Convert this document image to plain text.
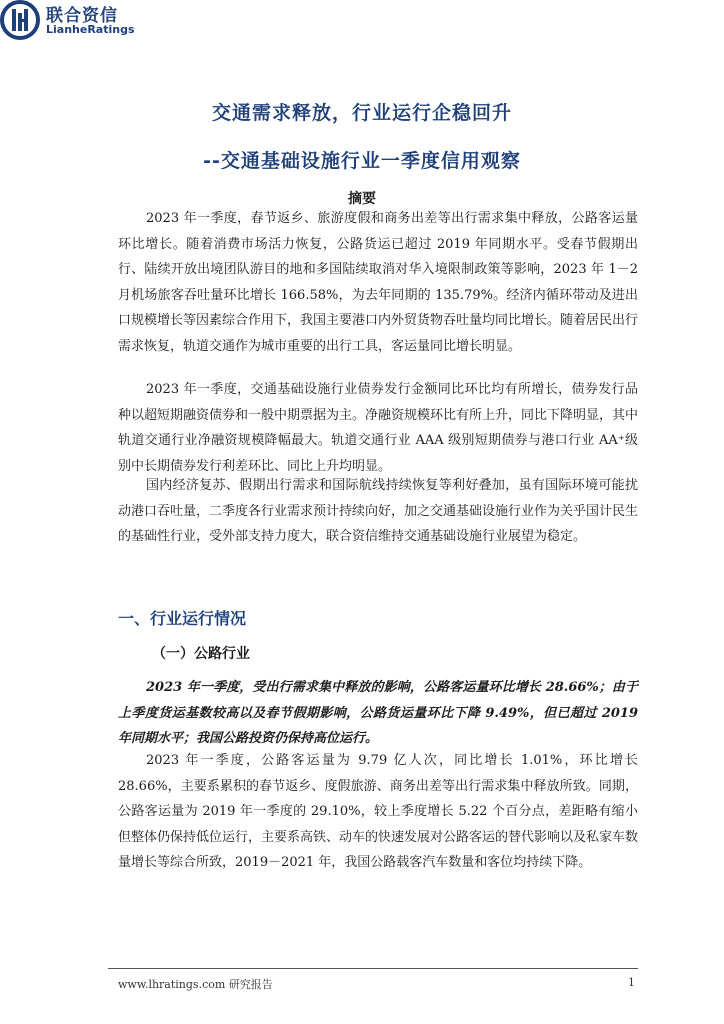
联合资信
LianheRatings
交通需求释放，行业运行企稳回升
--交通基础设施行业一季度信用观察
摘要

2023 年一季度，春节返乡、旅游度假和商务出差等出行需求集中释放，公路客运量环比增长。随着消费市场活力恢复，公路货运已超过 2019 年同期水平。受春节假期出行、陆续开放出境团队游目的地和多国陆续取消对华入境限制政策等影响，2023 年 1－2 月机场旅客吞吐量环比增长 166.58%，为去年同期的 135.79%。经济内循环带动及进出口规模增长等因素综合作用下，我国主要港口内外贸货物吞吐量均同比增长。随着居民出行需求恢复，轨道交通作为城市重要的出行工具，客运量同比增长明显。

2023 年一季度，交通基础设施行业债券发行金额同比环比均有所增长，债券发行品种以超短期融资债券和一般中期票据为主。净融资规模环比有所上升，同比下降明显，其中轨道交通行业净融资规模降幅最大。轨道交通行业 AAA 级别短期债券与港口行业 AA⁺级别中长期债券发行利差环比、同比上升均明显。

国内经济复苏、假期出行需求和国际航线持续恢复等利好叠加，虽有国际环境可能扰动港口吞吐量，二季度各行业需求预计持续向好，加之交通基础设施行业作为关乎国计民生的基础性行业，受外部支持力度大，联合资信维持交通基础设施行业展望为稳定。

一、行业运行情况
（一）公路行业

2023 年一季度，受出行需求集中释放的影响，公路客运量环比增长 28.66%；由于上季度货运基数较高以及春节假期影响，公路货运量环比下降 9.49%，但已超过 2019 年同期水平；我国公路投资仍保持高位运行。

2023 年一季度，公路客运量为 9.79 亿人次，同比增长 1.01%，环比增长 28.66%，主要系累积的春节返乡、度假旅游、商务出差等出行需求集中释放所致。同期，公路客运量为 2019 年一季度的 29.10%，较上季度增长 5.22 个百分点，差距略有缩小但整体仍保持低位运行，主要系高铁、动车的快速发展对公路客运的替代影响以及私家车数量增长等综合所致，2019－2021 年，我国公路载客汽车数量和客位均持续下降。

www.lhratings.com 研究报告	1
